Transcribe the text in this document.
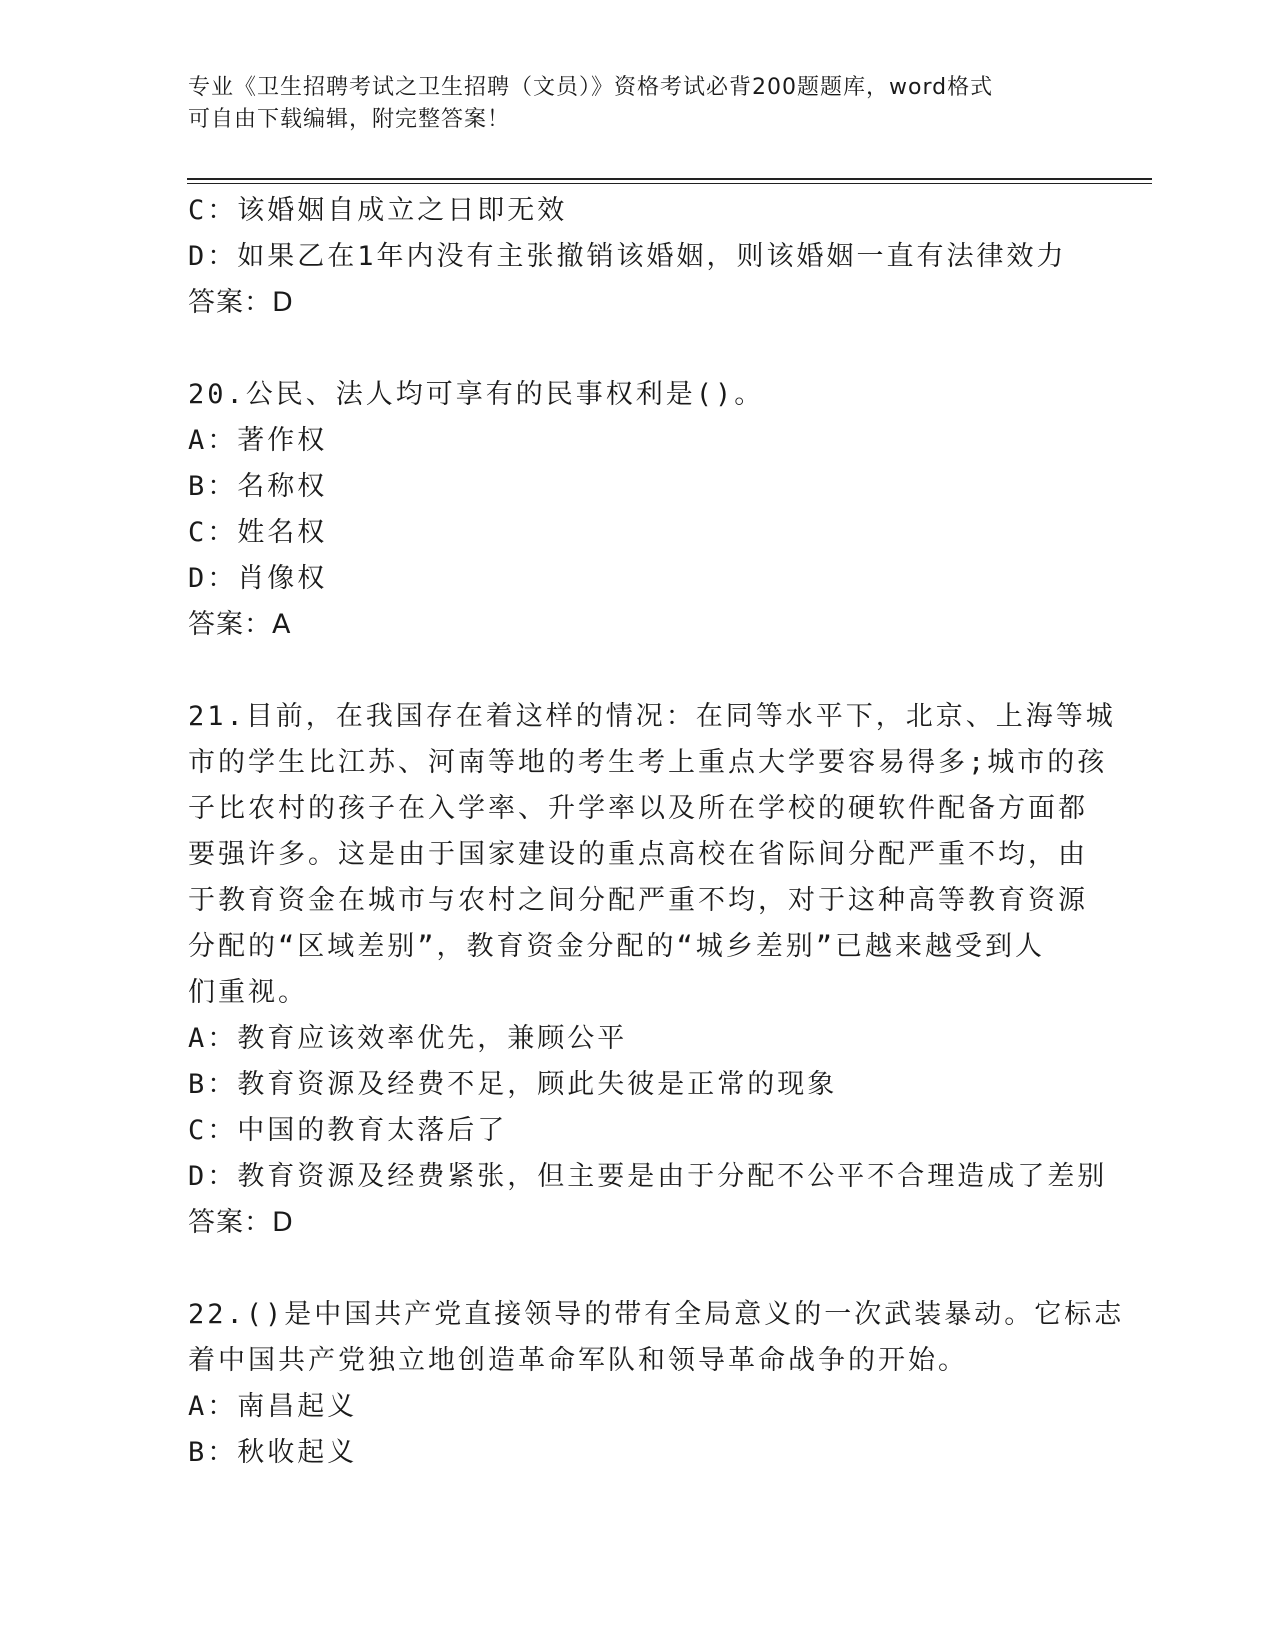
专业《卫生招聘考试之卫生招聘（文员）》资格考试必背200题题库，word格式
可自由下载编辑，附完整答案！
C：该婚姻自成立之日即无效
D：如果乙在1年内没有主张撤销该婚姻，则该婚姻一直有法律效力
答案：D
20.公民、法人均可享有的民事权利是()。
A：著作权
B：名称权
C：姓名权
D：肖像权
答案：A
21.目前，在我国存在着这样的情况：在同等水平下，北京、上海等城
市的学生比江苏、河南等地的考生考上重点大学要容易得多;城市的孩
子比农村的孩子在入学率、升学率以及所在学校的硬软件配备方面都
要强许多。这是由于国家建设的重点高校在省际间分配严重不均，由
于教育资金在城市与农村之间分配严重不均，对于这种高等教育资源
分配的“区域差别”，教育资金分配的“城乡差别”已越来越受到人
们重视。
A：教育应该效率优先，兼顾公平
B：教育资源及经费不足，顾此失彼是正常的现象
C：中国的教育太落后了
D：教育资源及经费紧张，但主要是由于分配不公平不合理造成了差别
答案：D
22.()是中国共产党直接领导的带有全局意义的一次武装暴动。它标志
着中国共产党独立地创造革命军队和领导革命战争的开始。
A：南昌起义
B：秋收起义
